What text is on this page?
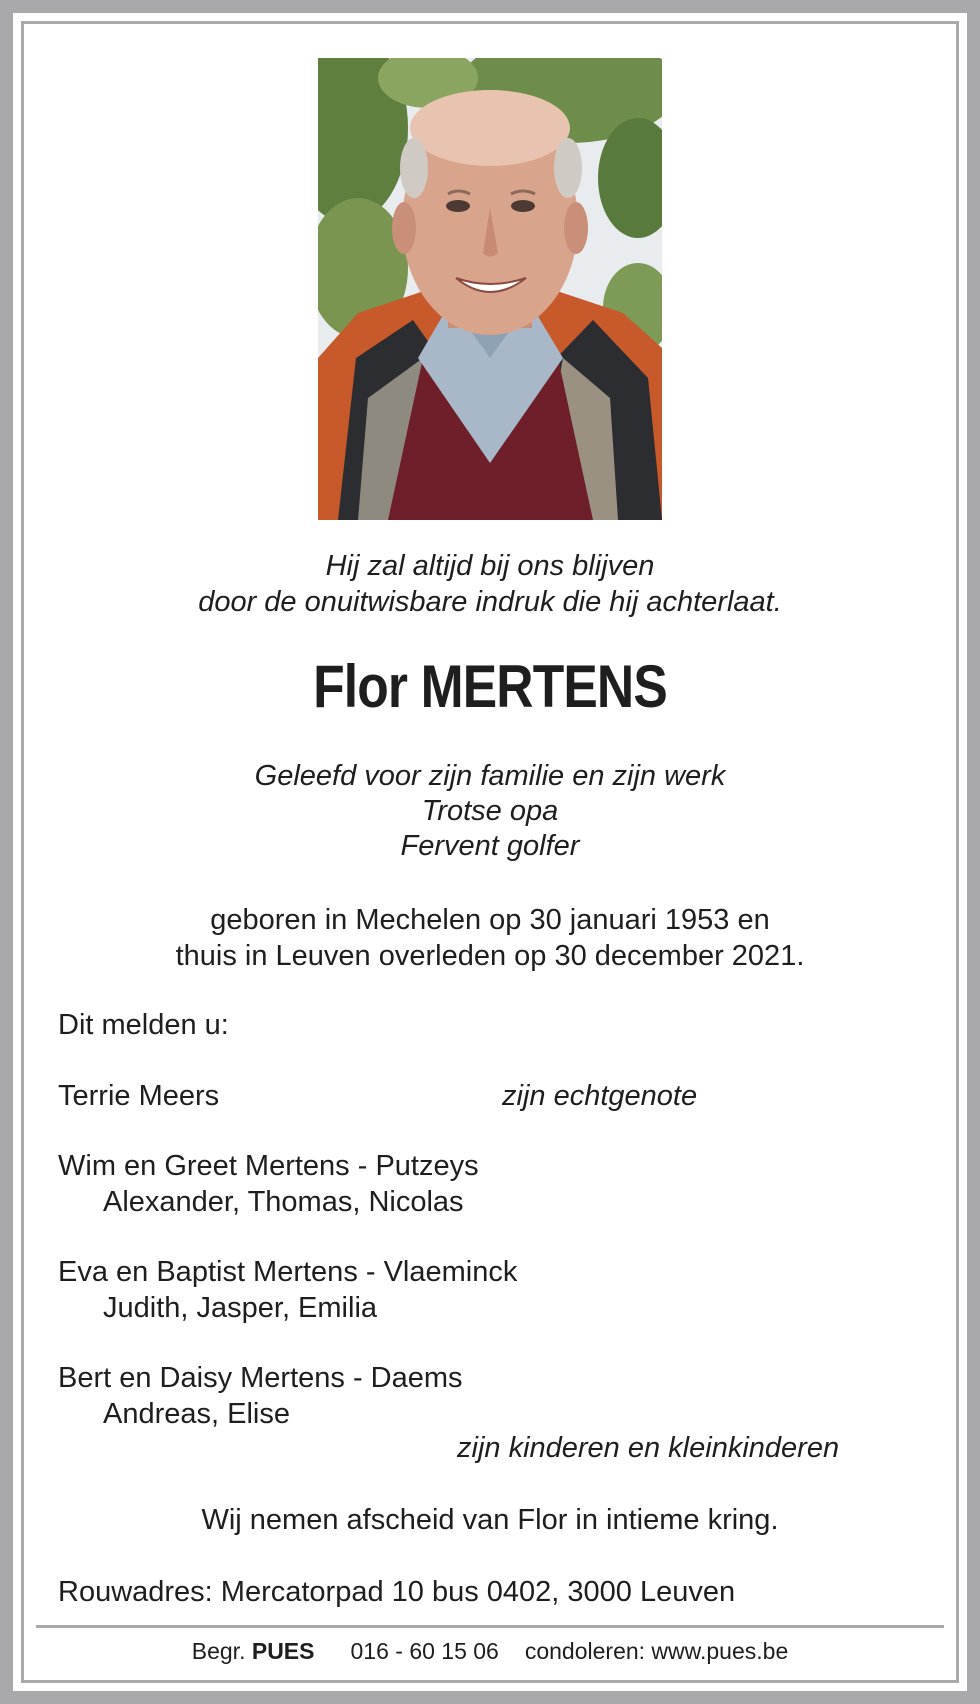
Hij zal altijd bij ons blijven
door de onuitwisbare indruk die hij achterlaat.
Flor MERTENS
Geleefd voor zijn familie en zijn werk
Trotse opa
Fervent golfer
geboren in Mechelen op 30 januari 1953 en
thuis in Leuven overleden op 30 december 2021.
Dit melden u:
Terrie Meers	zijn echtgenote
Wim en Greet Mertens - Putzeys
Alexander, Thomas, Nicolas
Eva en Baptist Mertens - Vlaeminck
Judith, Jasper, Emilia
Bert en Daisy Mertens - Daems
Andreas, Elise
zijn kinderen en kleinkinderen
Wij nemen afscheid van Flor in intieme kring.
Rouwadres: Mercatorpad 10 bus 0402, 3000 Leuven
Begr. PUES 016 - 60 15 06 condoleren: www.pues.be
